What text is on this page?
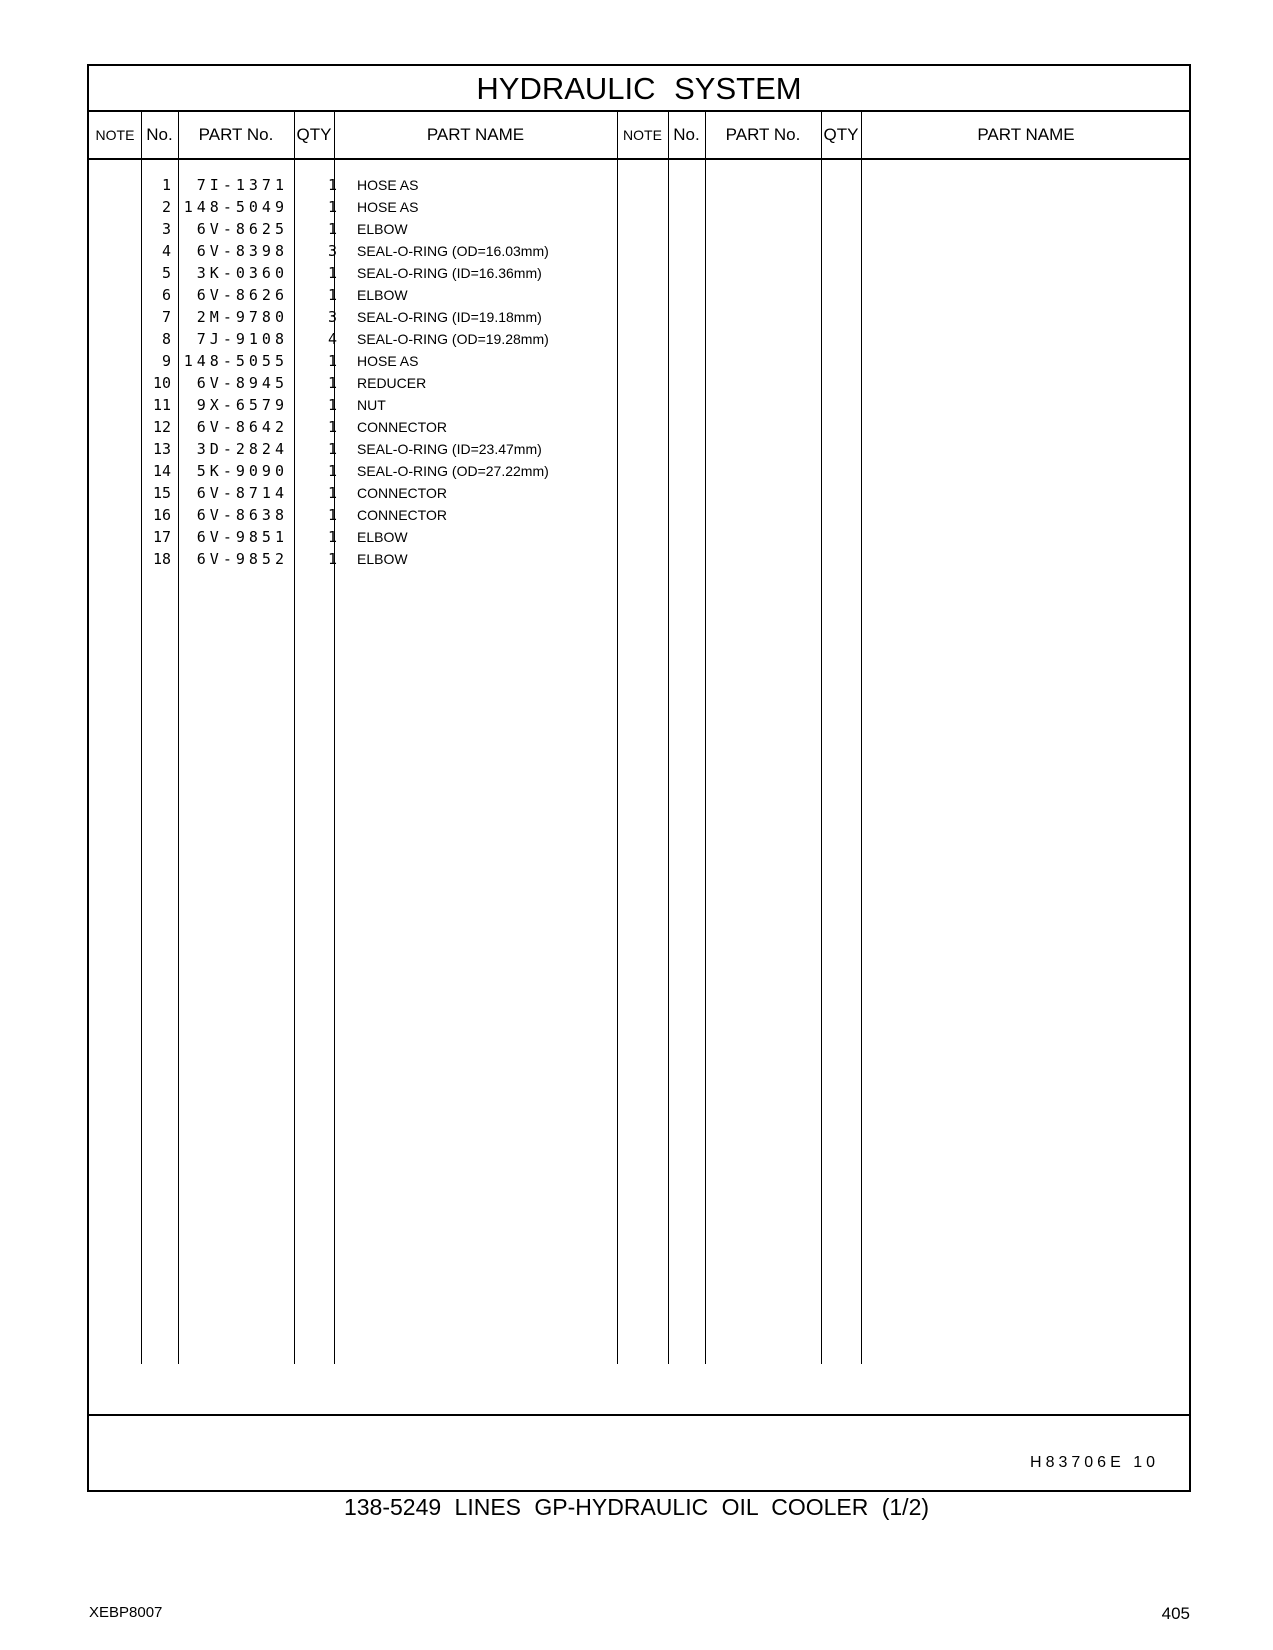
HYDRAULIC SYSTEM
NOTE No.	PART No.	QTY	PART NAME	NOTE No.	PART No.	QTY	PART NAME
1	7I-1371	1 HOSE AS
2 148-5049	1 HOSE AS
3	6V-8625	1 ELBOW
4	6V-8398	3 SEAL-O-RING (OD=16.03mm)
5	3K-0360	1 SEAL-O-RING (ID=16.36mm)
6	6V-8626	1 ELBOW
7	2M-9780	3 SEAL-O-RING (ID=19.18mm)
8	7J-9108	4 SEAL-O-RING (OD=19.28mm)
9 148-5055	1 HOSE AS
10	6V-8945	1 REDUCER
11	9X-6579	1 NUT
12	6V-8642	1 CONNECTOR
13	3D-2824	1 SEAL-O-RING (ID=23.47mm)
14	5K-9090	1 SEAL-O-RING (OD=27.22mm)
15	6V-8714	1 CONNECTOR
16	6V-8638	1 CONNECTOR
17	6V-9851	1 ELBOW
18	6V-9852	1 ELBOW
H83706E 10
138-5249 LINES GP-HYDRAULIC OIL COOLER (1/2)
XEBP8007	405
